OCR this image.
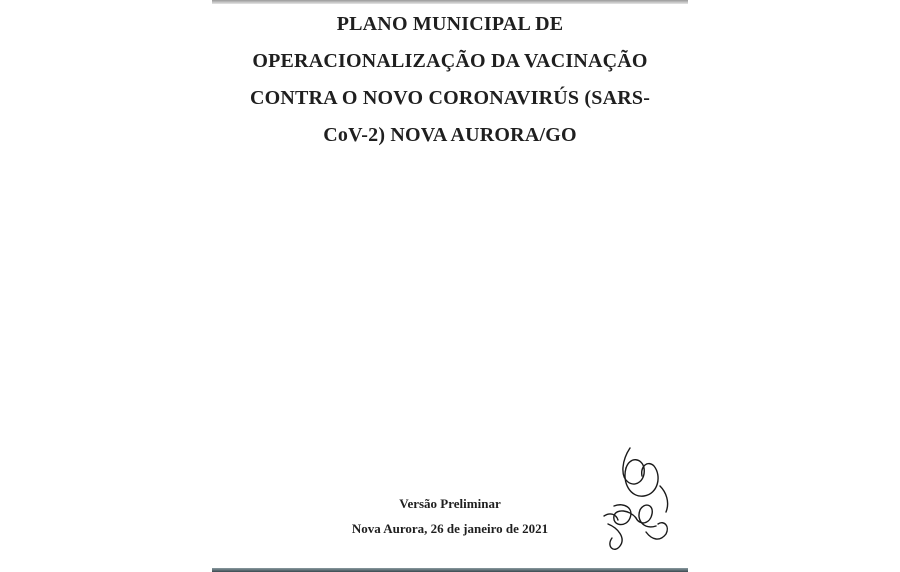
PLANO MUNICIPAL DE
OPERACIONALIZAÇÃO DA VACINAÇÃO
CONTRA O NOVO CORONAVIRÚS (SARS-
CoV-2) NOVA AURORA/GO
Versão Preliminar
Nova Aurora, 26 de janeiro de 2021
